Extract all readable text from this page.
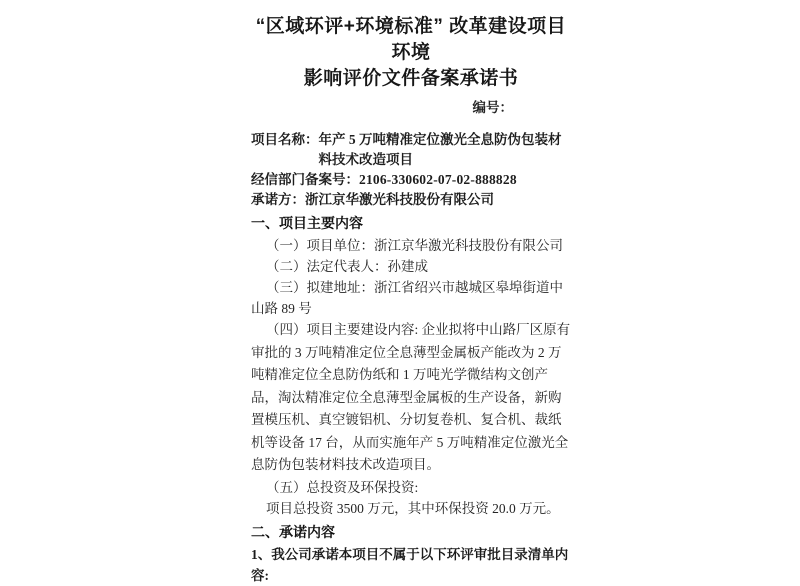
“区域环评+环境标准” 改革建设项目环境
影响评价文件备案承诺书
编号：
项目名称： 年产 5 万吨精准定位激光全息防伪包装材料技术改造项目
经信部门备案号： 2106-330602-07-02-888828
承诺方： 浙江京华激光科技股份有限公司
一、项目主要内容

（一）项目单位：浙江京华激光科技股份有限公司

（二）法定代表人：孙建成

（三）拟建地址：浙江省绍兴市越城区皋埠街道中山路 89 号

（四）项目主要建设内容: 企业拟将中山路厂区原有审批的 3 万吨精准定位全息薄型金属板产能改为 2 万吨精准定位全息防伪纸和 1 万吨光学微结构文创产品，淘汰精准定位全息薄型金属板的生产设备，新购置模压机、真空镀铝机、分切复卷机、复合机、裁纸机等设备 17 台，从而实施年产 5 万吨精准定位激光全息防伪包装材料技术改造项目。

（五）总投资及环保投资:

项目总投资 3500 万元，其中环保投资 20.0 万元。

二、承诺内容

1、我公司承诺本项目不属于以下环评审批目录清单内容:
